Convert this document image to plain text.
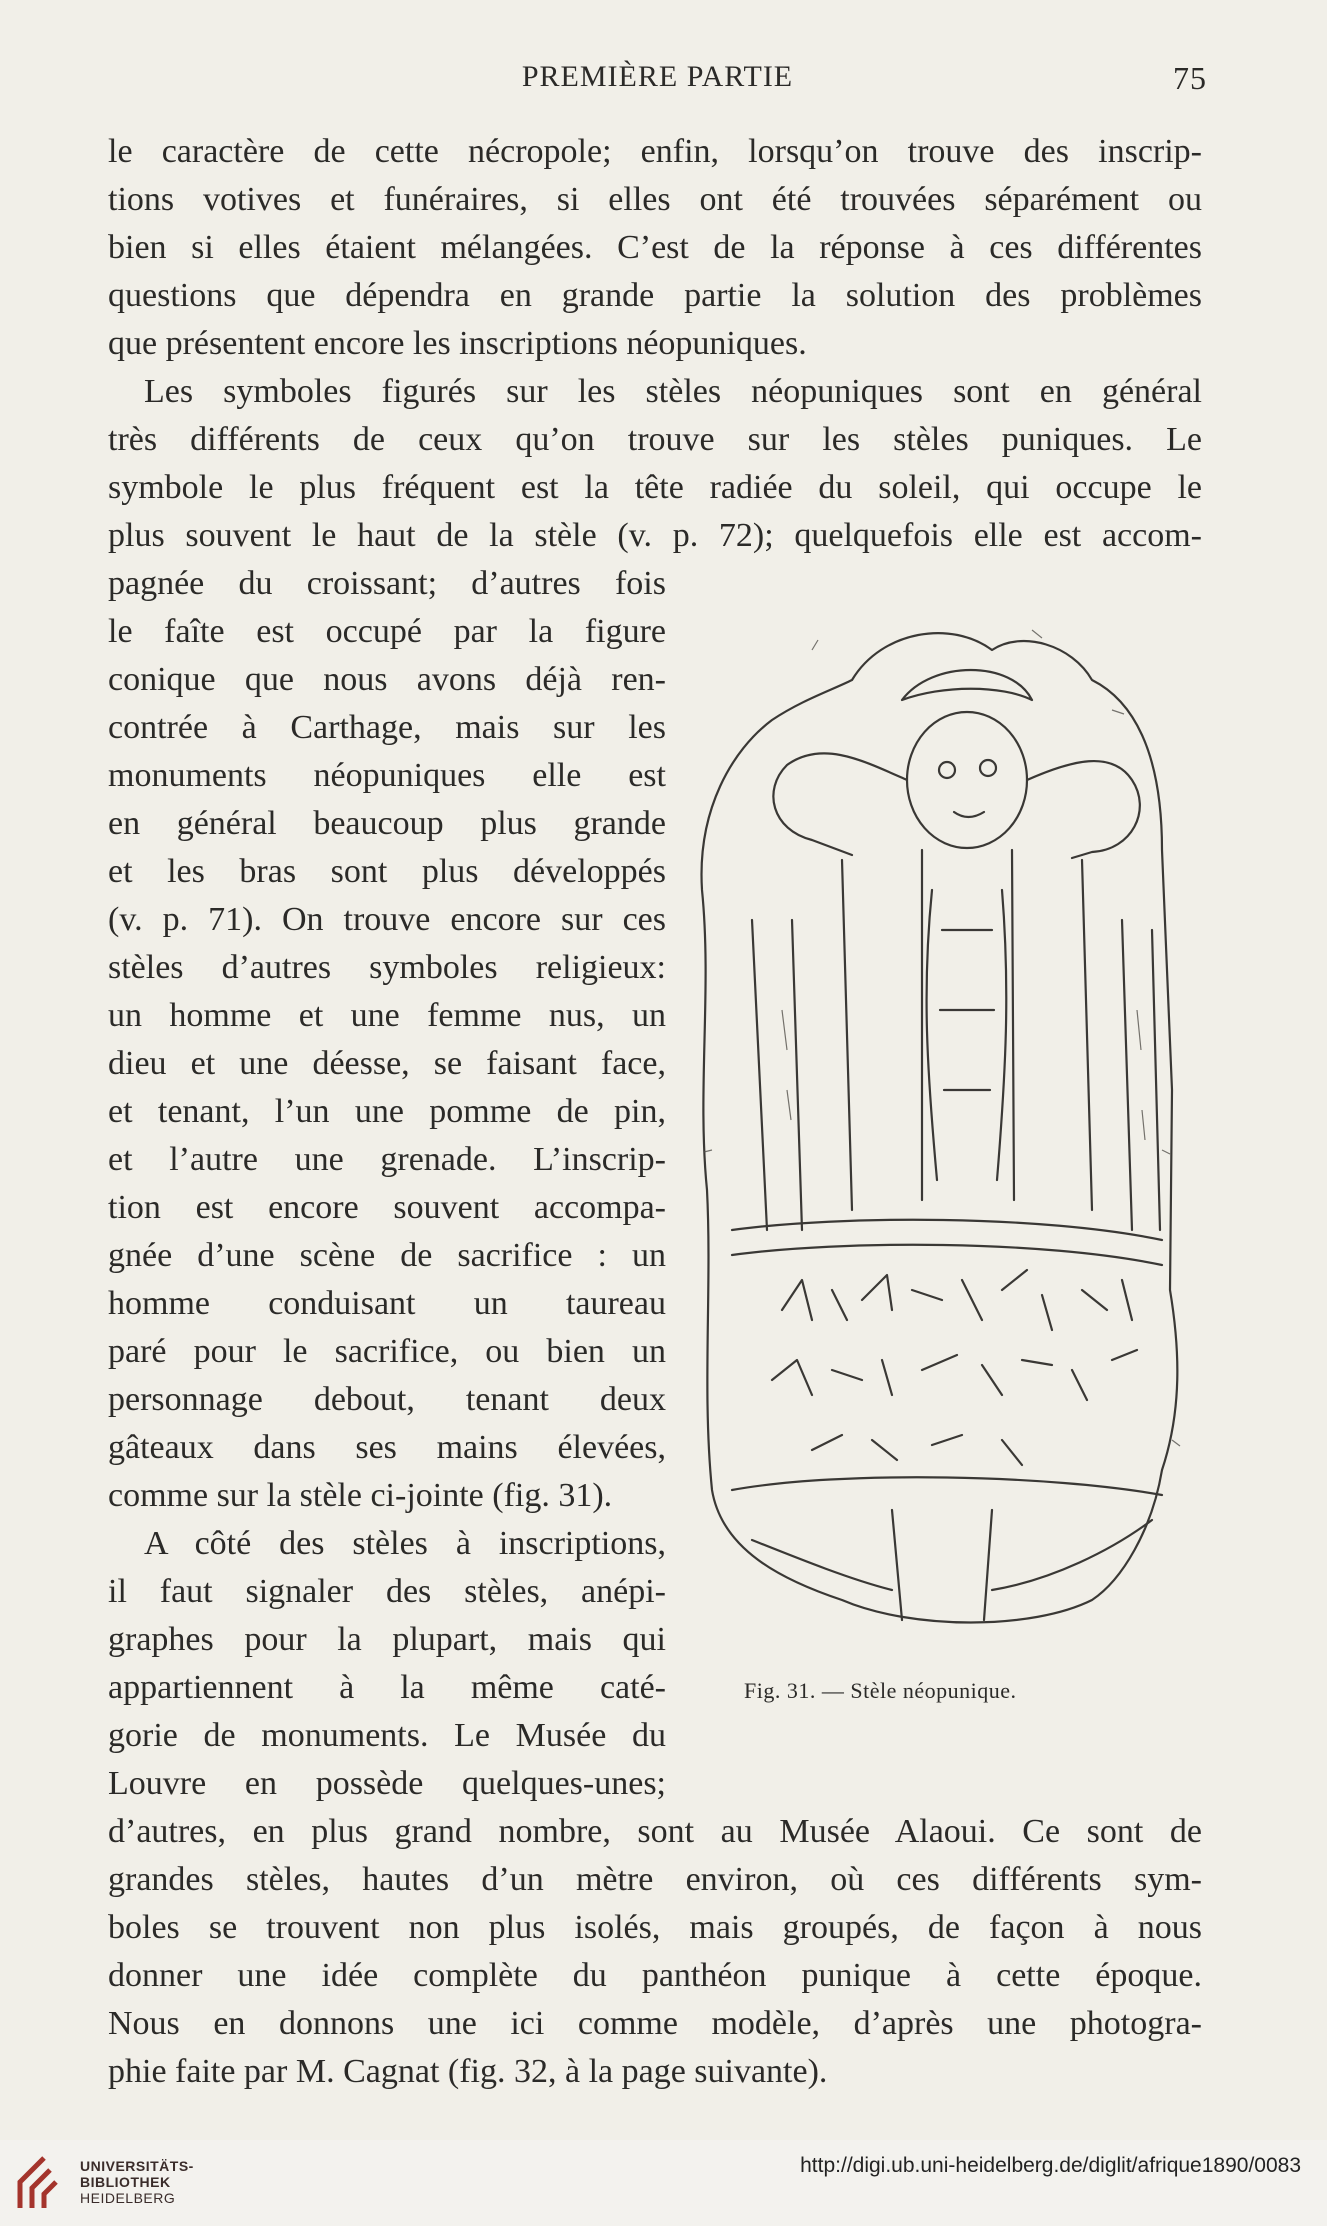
PREMIÈRE PARTIE	75
le caractère de cette nécropole; enfin, lorsqu’on trouve des inscrip-
tions votives et funéraires, si elles ont été trouvées séparément ou
bien si elles étaient mélangées. C’est de la réponse à ces différentes
questions que dépendra en grande partie la solution des problèmes
que présentent encore les inscriptions néopuniques.
Les symboles figurés sur les stèles néopuniques sont en général
très différents de ceux qu’on trouve sur les stèles puniques. Le
symbole le plus fréquent est la tête radiée du soleil, qui occupe le
plus souvent le haut de la stèle (v. p. 72); quelquefois elle est accom-
pagnée du croissant; d’autres fois
le faîte est occupé par la figure
conique que nous avons déjà ren-
contrée à Carthage, mais sur les
monuments néopuniques elle est
en général beaucoup plus grande
et les bras sont plus développés
(v. p. 71). On trouve encore sur ces
stèles d’autres symboles religieux:
un homme et une femme nus, un
dieu et une déesse, se faisant face,
et tenant, l’un une pomme de pin,
et l’autre une grenade. L’inscrip-
tion est encore souvent accompa-
gnée d’une scène de sacrifice : un
homme conduisant un taureau
paré pour le sacrifice, ou bien un
personnage debout, tenant deux
gâteaux dans ses mains élevées,
comme sur la stèle ci-jointe (fig. 31).
A côté des stèles à inscriptions,
il faut signaler des stèles, anépi-
graphes pour la plupart, mais qui
appartiennent à la même caté-
gorie de monuments. Le Musée du
Louvre en possède quelques-unes;
d’autres, en plus grand nombre, sont au Musée Alaoui. Ce sont de
grandes stèles, hautes d’un mètre environ, où ces différents sym-
boles se trouvent non plus isolés, mais groupés, de façon à nous
donner une idée complète du panthéon punique à cette époque.
Nous en donnons une ici comme modèle, d’après une photogra-
phie faite par M. Cagnat (fig. 32, à la page suivante).
Fig. 31. — Stèle néopunique.
UNIVERSITÄTS-
BIBLIOTHEK
HEIDELBERG
http://digi.ub.uni-heidelberg.de/diglit/afrique1890/0083
